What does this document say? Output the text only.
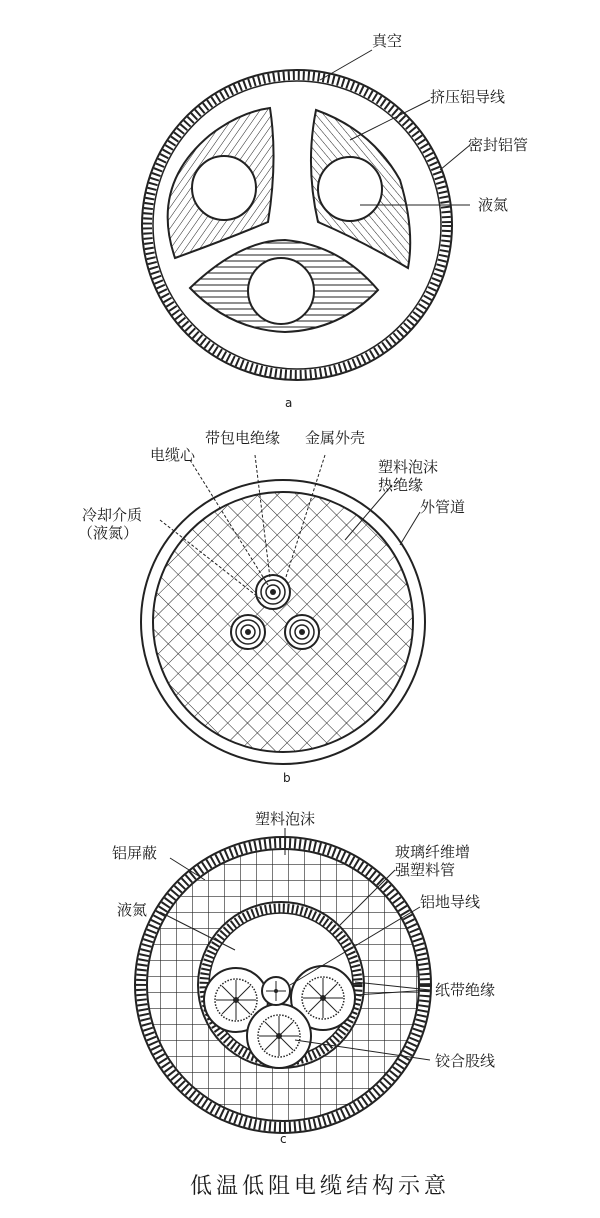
真空
挤压铝导线
密封铝管
液氮
a
带包电绝缘 金属外壳
电缆心
塑料泡沫
热绝缘
外管道
冷却介质
（液氮）
b
塑料泡沫
铝屏蔽	玻璃纤维增
强塑料管
液氮	铝地导线
纸带绝缘
铰合股线
c
低温低阻电缆结构示意
